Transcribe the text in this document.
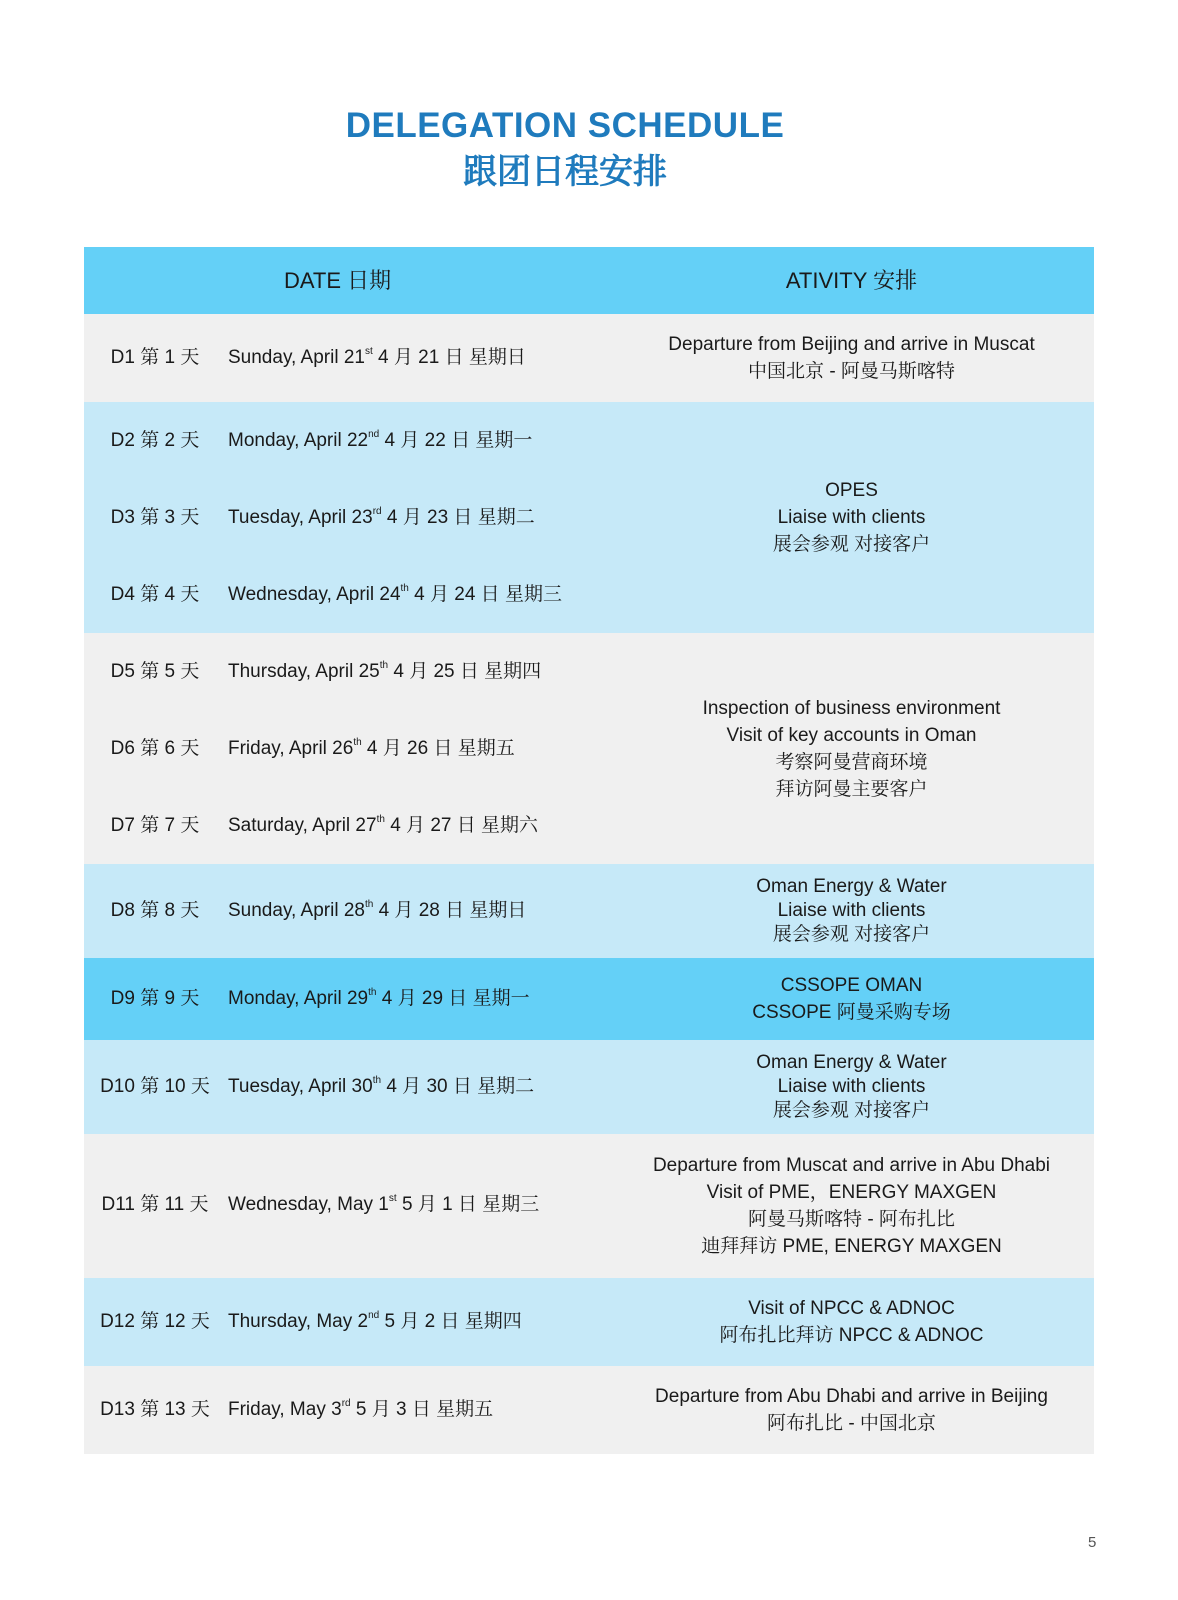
DELEGATION SCHEDULE
跟团日程安排
DATE 日期	ATIVITY 安排
D1 第 1 天	Sunday, April 21st 4 月 21 日 星期日
Departure from Beijing and arrive in Muscat
中国北京 - 阿曼马斯喀特
D2 第 2 天	Monday, April 22nd 4 月 22 日 星期一
D3 第 3 天	Tuesday, April 23rd 4 月 23 日 星期二
D4 第 4 天	Wednesday, April 24th 4 月 24 日 星期三
OPES
Liaise with clients
展会参观 对接客户
D5 第 5 天	Thursday, April 25th 4 月 25 日 星期四
D6 第 6 天	Friday, April 26th 4 月 26 日 星期五
D7 第 7 天	Saturday, April 27th 4 月 27 日 星期六
Inspection of business environment
Visit of key accounts in Oman
考察阿曼营商环境
拜访阿曼主要客户
D8 第 8 天	Sunday, April 28th 4 月 28 日 星期日
Oman Energy & Water
Liaise with clients
展会参观 对接客户
D9 第 9 天	Monday, April 29th 4 月 29 日 星期一
CSSOPE OMAN
CSSOPE 阿曼采购专场
D10 第 10 天 Tuesday, April 30th 4 月 30 日 星期二
Oman Energy & Water
Liaise with clients
展会参观 对接客户
D11 第 11 天	Wednesday, May 1st 5 月 1 日 星期三
Departure from Muscat and arrive in Abu Dhabi
Visit of PME，ENERGY MAXGEN
阿曼马斯喀特 - 阿布扎比
迪拜拜访 PME, ENERGY MAXGEN
D12 第 12 天 Thursday, May 2nd 5 月 2 日 星期四
Visit of NPCC & ADNOC
阿布扎比拜访 NPCC & ADNOC
D13 第 13 天 Friday, May 3rd 5 月 3 日 星期五
Departure from Abu Dhabi and arrive in Beijing
阿布扎比 - 中国北京
5
